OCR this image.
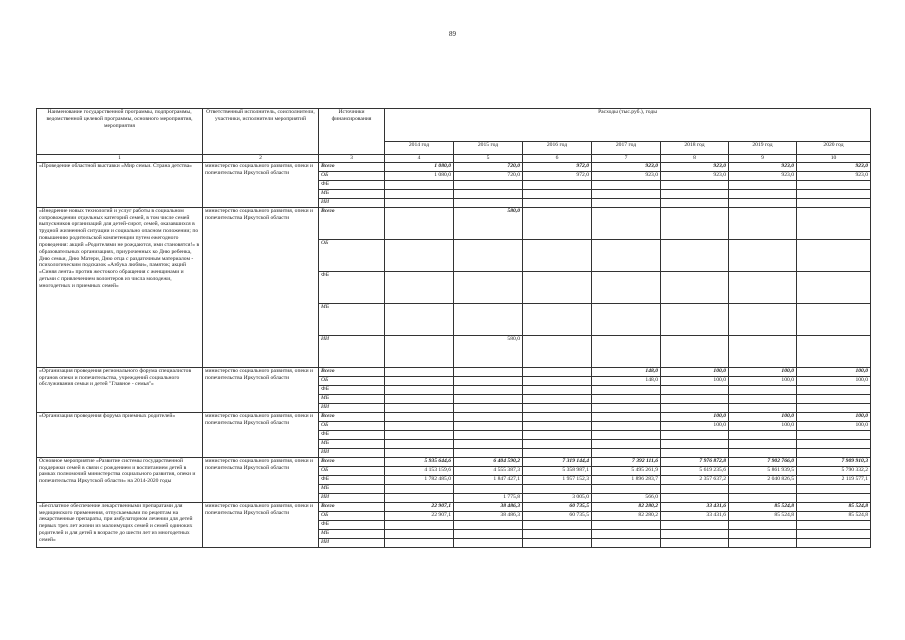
89
Наименование государственной программы, подпрограммы, ведомственной целевой программы, основного мероприятия, мероприятия	Ответственный исполнитель, соисполнители, участники, исполнители мероприятий	Источники финансирования	Расходы (тыс.руб.), годы						
			2014 год	2015 год	2016 год	2017 год	2018 год	2019 год	2020 год
1	2	3	4	5	6	7	8	9	10
«Проведение областной выставки «Мир семьи. Страна детства»	министерство социального развития, опеки и попечительства Иркутской области	Всего	1 080,0	720,0	972,0	923,0	923,0	923,0	923,0
		ОБ	1 080,0	720,0	972,0	923,0	923,0	923,0	923,0
		ФБ							
		МБ							
		ИИ							
«Внедрение новых технологий и услуг работы в социальном сопровождении отдельных категорий семей, в том числе семей выпускников организаций для детей-сирот, семей, оказавшихся в трудной жизненной ситуации и социально опасном положении; по повышению родительской компетенции путем ежегодного проведения: акций «Родителями не рождаются, ими становятся!» в образовательных организациях, приуроченных ко Дню ребенка, Дню семьи, Дню Матери, Дню отца с раздаточным материалом - психологическим подсказок «Азбука любви», памяток; акций «Синяя лента» против жестокого обращения с женщинами и детьми с привлечением волонтеров из числа молодежи, многодетных и приемных семей»	министерство социального развития, опеки и попечительства Иркутской области	Всего		580,0					
		ОБ							
		ФБ							
		МБ							
		ИИ		580,0					
«Организация проведения регионального форума специалистов органов опеки и попечительства, учреждений социального обслуживания семьи и детей "Главное - семья"»	министерство социального развития, опеки и попечительства Иркутской области	Всего				148,0	100,0	100,0	100,0
		ОБ				148,0	100,0	100,0	100,0
		ФБ							
		МБ							
		ИИ							
«Организация проведения форума приемных родителей»	министерство социального развития, опеки и попечительства Иркутской области	Всего					100,0	100,0	100,0
		ОБ					100,0	100,0	100,0
		ФБ							
		МБ							
		ИИ							
Основное мероприятие «Развитие системы государственной поддержки семей в связи с рождением и воспитанием детей в рамках полномочий министерства социального развития, опеки и попечительства Иркутской области» на 2014-2020 годы	министерство социального развития, опеки и попечительства Иркутской области	Всего	5 935 644,6	6 404 590,2	7 319 144,4	7 392 111,6	7 976 872,8	7 902 766,0	7 909 910,3
		ОБ	4 153 159,6	4 555 387,3	5 358 987,1	5 495 261,9	5 619 235,6	5 861 939,5	5 790 332,2
		ФБ	1 782 485,0	1 847 427,1	1 957 152,3	1 896 283,7	2 357 637,2	2 040 826,5	2 119 577,1
		МБ							
		ИИ		1 775,8	3 005,0	566,0			
«Бесплатное обеспечение лекарственными препаратами для медицинского применения, отпускаемыми по рецептам на лекарственные препараты, при амбулаторном лечении для детей первых трех лет жизни из малоимущих семей и семей одиноких родителей и для детей в возрасте до шести лет из многодетных семей»	министерство социального развития, опеки и попечительства Иркутской области	Всего	22 907,1	38 486,3	60 735,5	82 280,2	33 431,6	85 524,8	85 524,8
		ОБ	22 907,1	38 486,3	60 735,5	82 280,2	33 431,6	85 524,8	85 524,8
		ФБ							
		МБ							
		ИИ							
